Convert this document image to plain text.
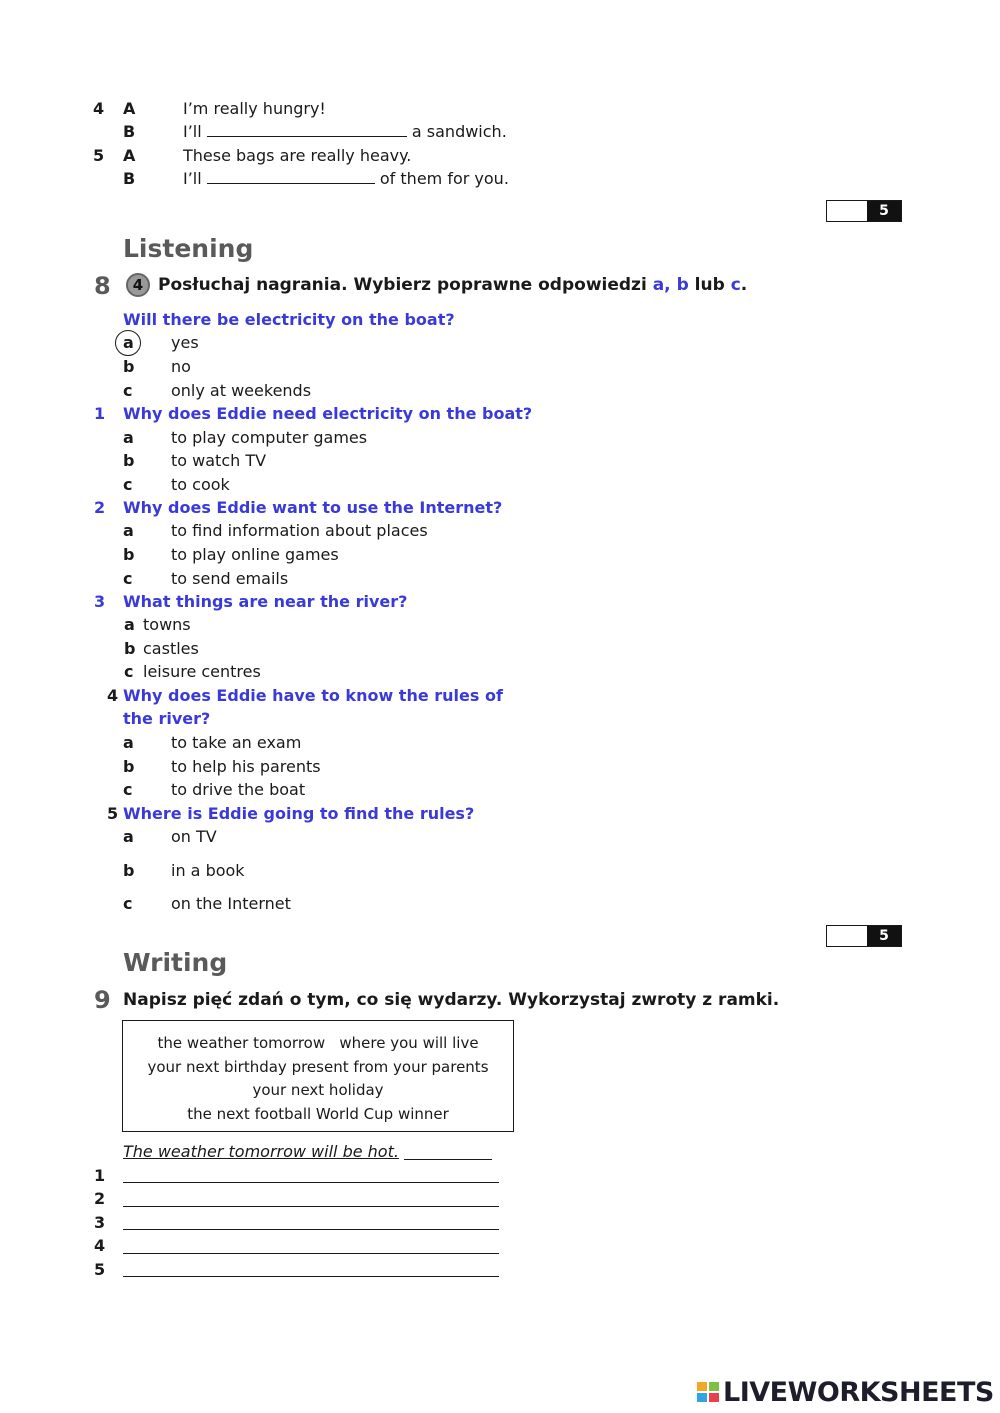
4 A	I’m really hungry!
B	I’ll	a sandwich.
5 A	These bags are really heavy.
B	I’ll	of them for you.
5
Listening
8	4 Posłuchaj nagrania. Wybierz poprawne odpowiedzi a, b lub c.
Will there be electricity on the boat?
a yes
b no
c only at weekends
1 Why does Eddie need electricity on the boat?
a to play computer games
b to watch TV
c to cook
2 Why does Eddie want to use the Internet?
a to find information about places
b to play online games
c to send emails
3 What things are near the river?
a towns
b castles
c leisure centres
4 Why does Eddie have to know the rules of
the river?
a to take an exam
b to help his parents
c to drive the boat
5 Where is Eddie going to find the rules?
a on TV
b in a book
c on the Internet
5
Writing
9 Napisz pięć zdań o tym, co się wydarzy. Wykorzystaj zwroty z ramki.
the weather tomorrow   where you will live
your next birthday present from your parents
your next holiday
the next football World Cup winner
The weather tomorrow will be hot.
1
2
3
4
5
LIVEWORKSHEETS
